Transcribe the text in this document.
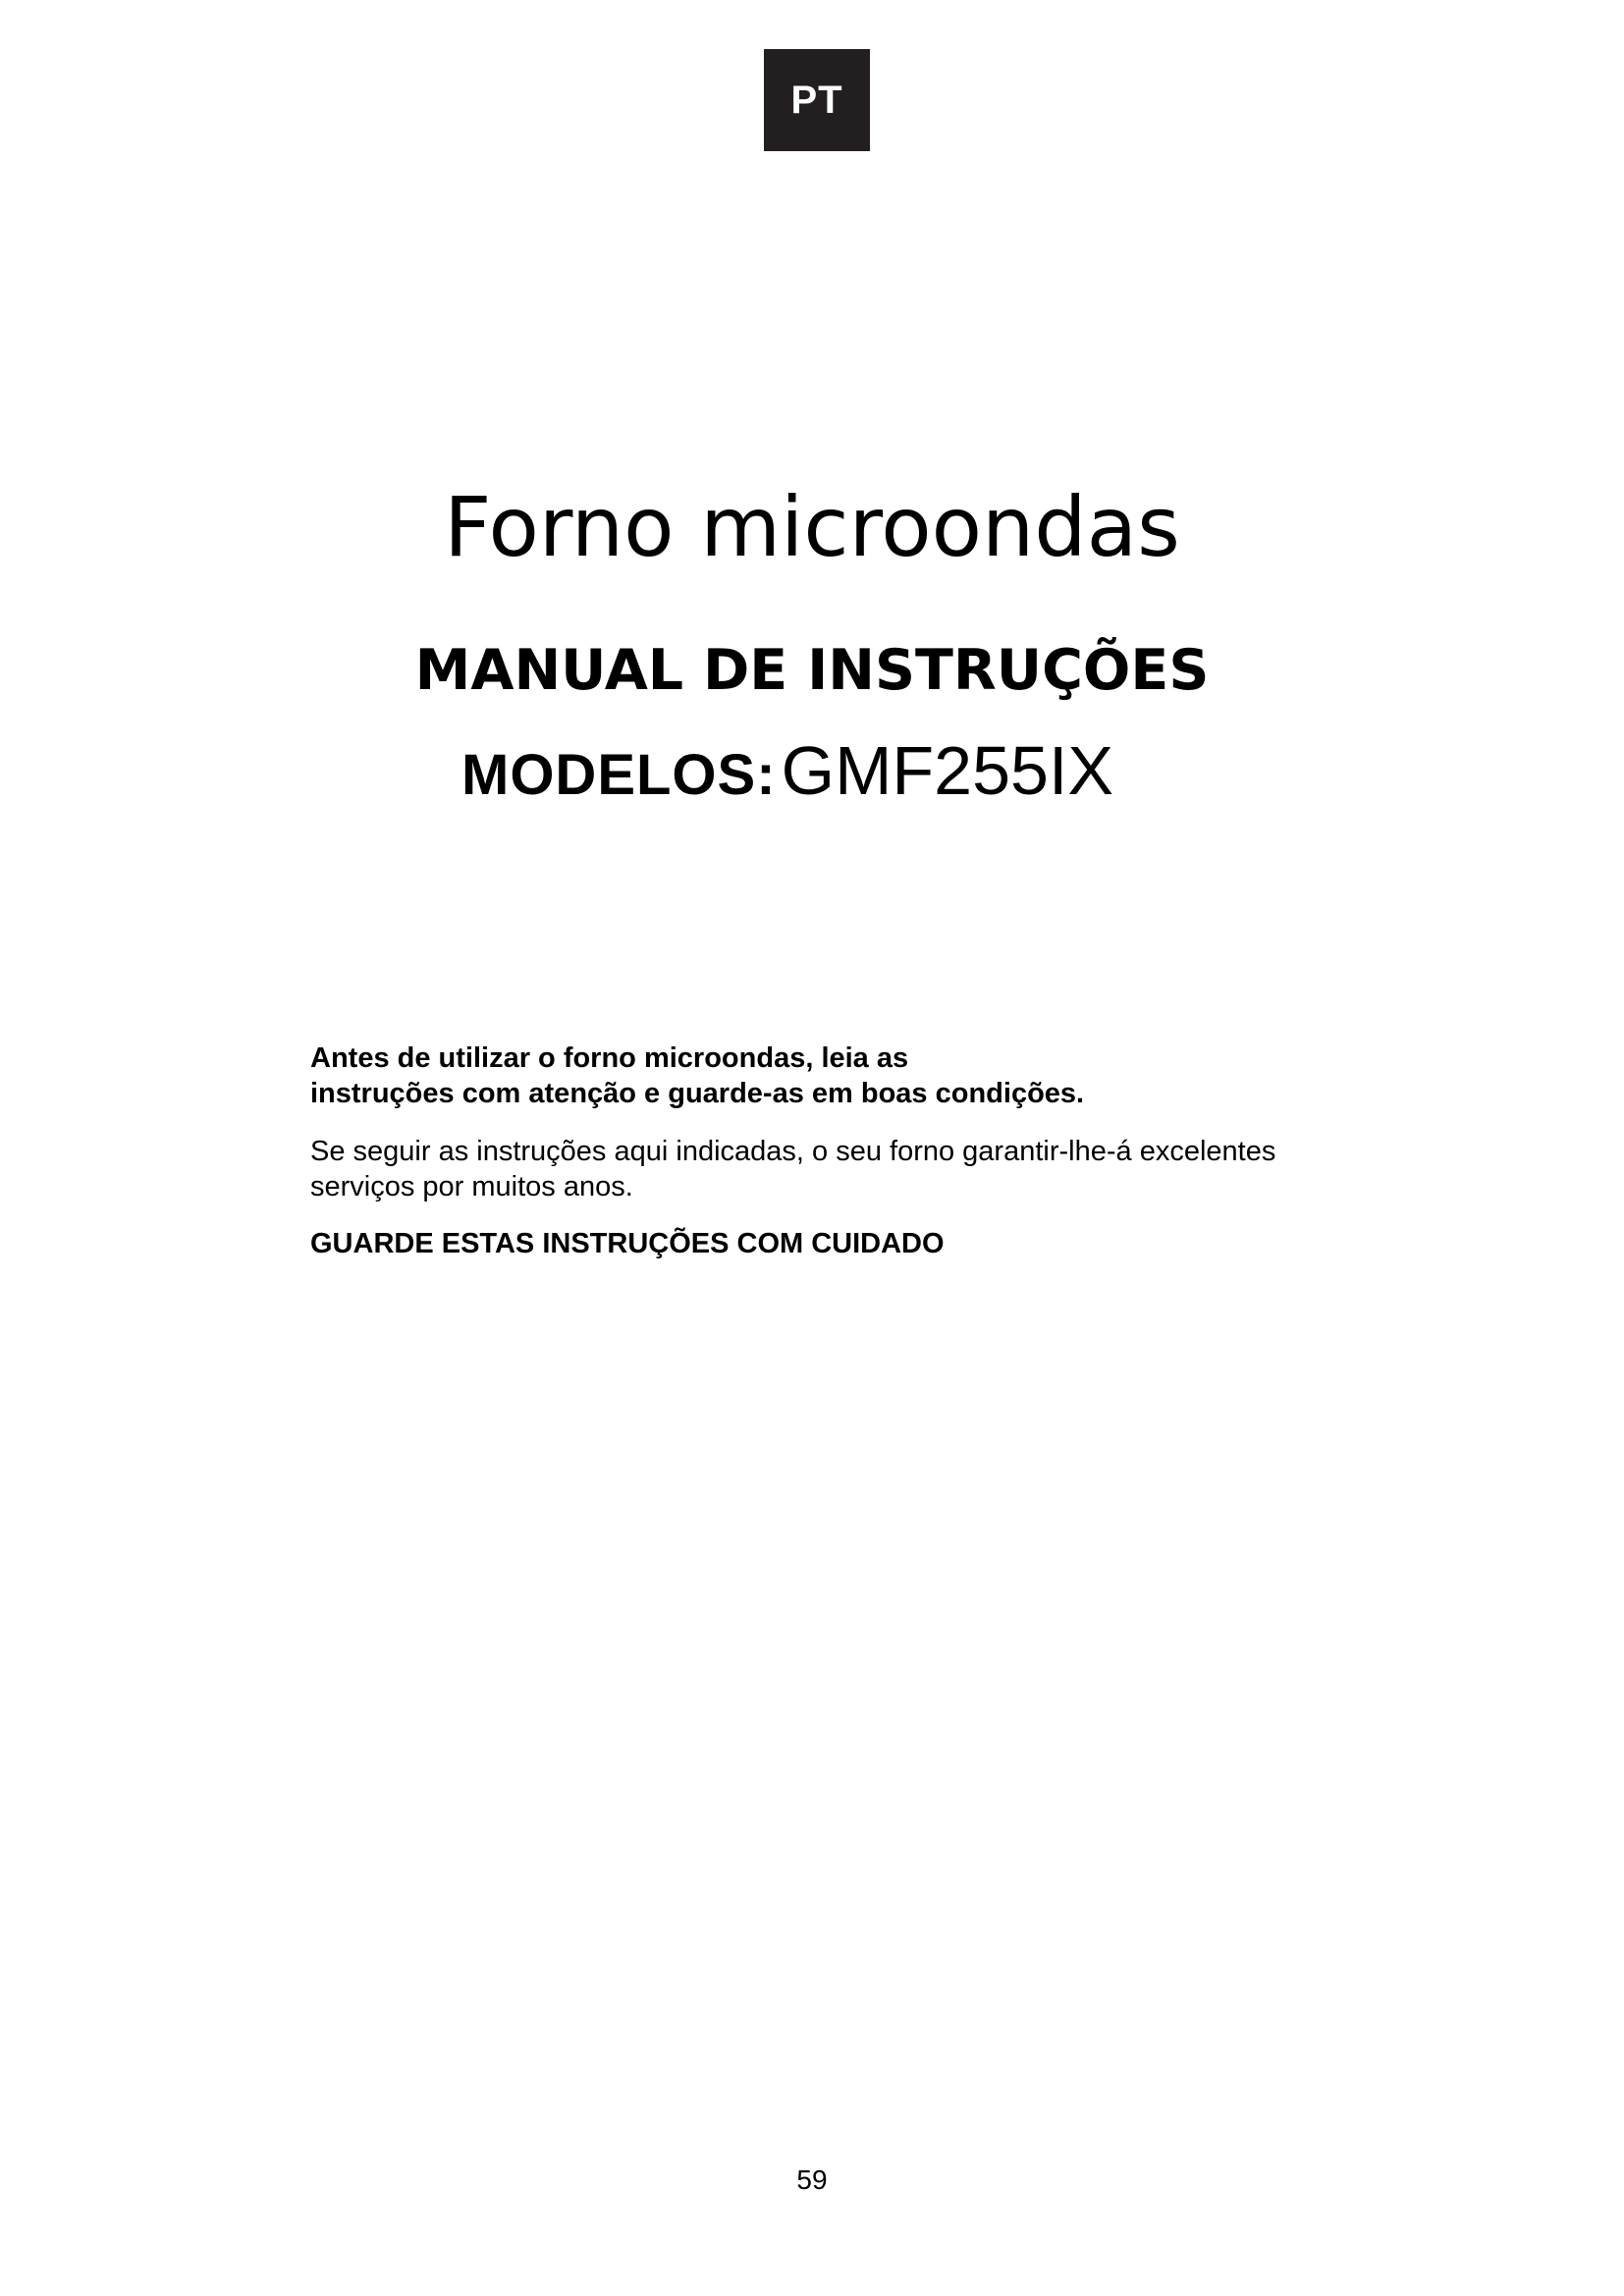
PT
Forno microondas
MANUAL DE INSTRUÇÕES
MODELOS: GMF255IX

Antes de utilizar o forno microondas, leia as
instruções com atenção e guarde-as em boas condições.

Se seguir as instruções aqui indicadas, o seu forno garantir-lhe-á excelentes
serviços por muitos anos.

GUARDE ESTAS INSTRUÇÕES COM CUIDADO

59
